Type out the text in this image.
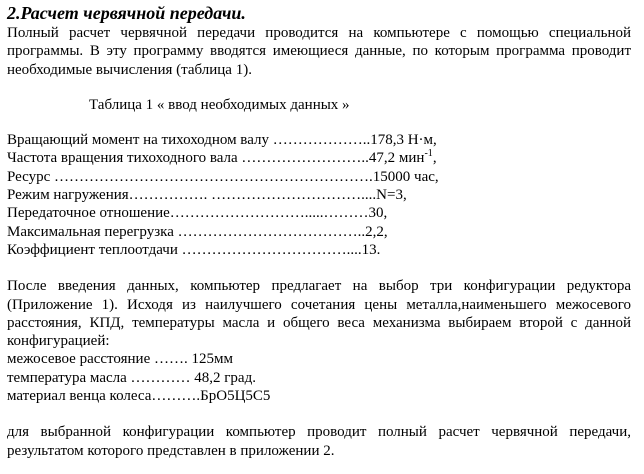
2.Расчет червячной передачи.

Полный расчет червячной передачи проводится на компьютере с помощью специальной программы. В эту программу вводятся имеющиеся данные, по которым программа проводит необходимые вычисления (таблица 1).

Таблица 1 « ввод необходимых данных »

Вращающий момент на тихоходном валу ………………..178,3 Н·м,

Частота вращения тихоходного вала ……………………..47,2 мин$^{-1}$,

Ресурс ……………………………………………………….15000 час,

Режим нагружения……………. …………………………....N=3,

Передаточное отношение……………………….....………30,

Максимальная перегрузка ………………………………..2,2,

Коэффициент теплоотдачи ……………………………....13.

После введения данных, компьютер предлагает на выбор три конфигурации редуктора (Приложение 1). Исходя из наилучшего сочетания цены металла,наименьшего межосевого расстояния, КПД, температуры масла и общего веса механизма выбираем второй с данной конфигурацией:

межосевое расстояние ……. 125мм

температура масла ………… 48,2 град.

материал венца колеса……….БрО5Ц5С5

для выбранной конфигурации компьютер проводит полный расчет червячной передачи, результатом которого представлен в приложении 2.
